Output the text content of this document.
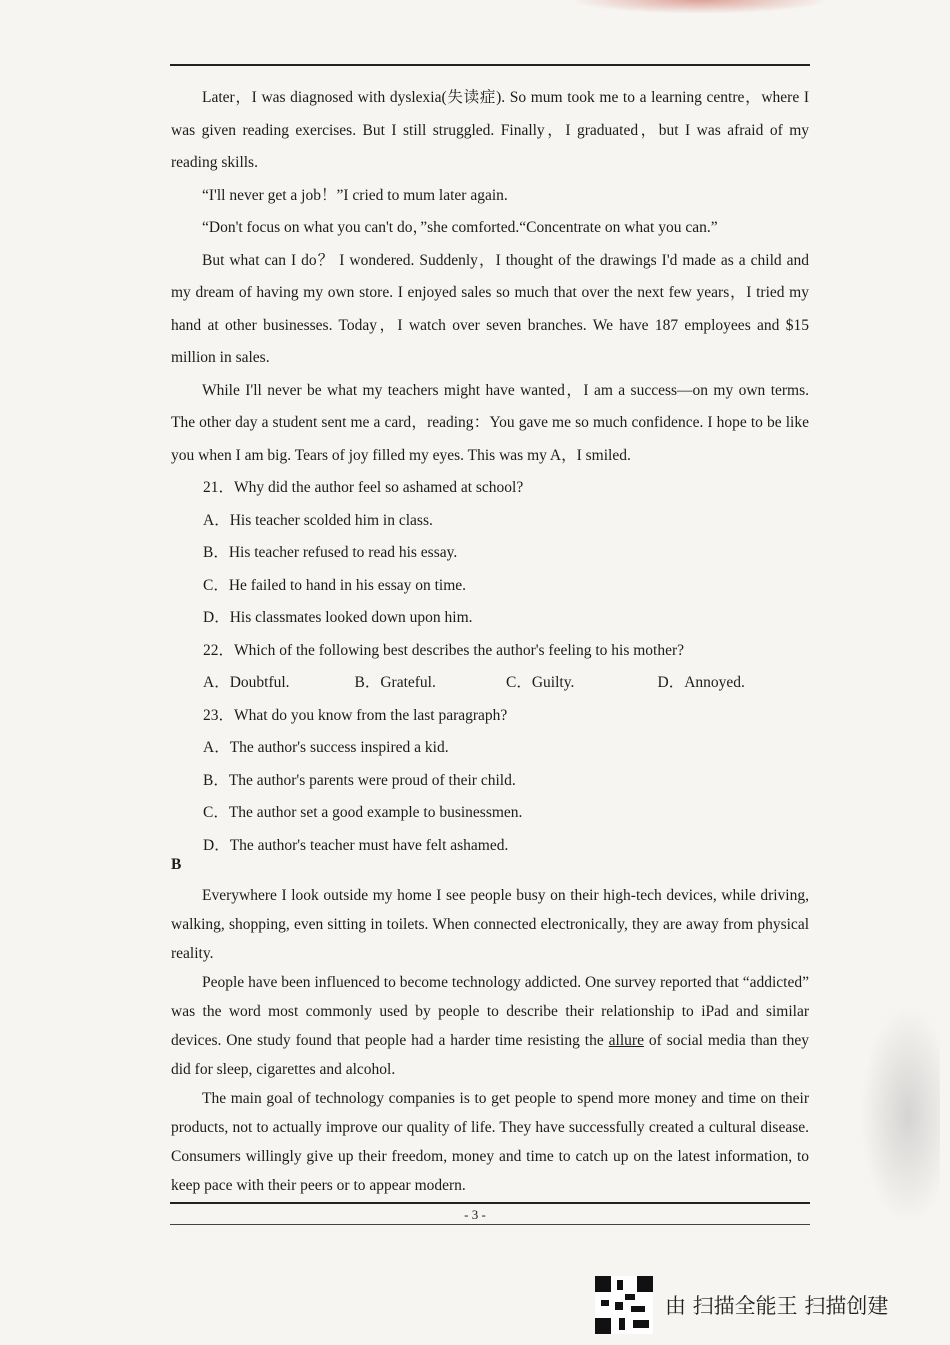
Later，I was diagnosed with dyslexia(失读症). So mum took me to a learning centre，where I was given reading exercises. But I still struggled. Finally，I graduated，but I was afraid of my reading skills.

“I'll never get a job！”I cried to mum later again.

“Don't focus on what you can't do，”she comforted.“Concentrate on what you can.”

But what can I do？ I wondered. Suddenly，I thought of the drawings I'd made as a child and my dream of having my own store. I enjoyed sales so much that over the next few years，I tried my hand at other businesses. Today，I watch over seven branches. We have 187 employees and $15 million in sales.

While I'll never be what my teachers might have wanted，I am a success—on my own terms. The other day a student sent me a card，reading：You gave me so much confidence. I hope to be like you when I am big. Tears of joy filled my eyes. This was my A，I smiled.

21．Why did the author feel so ashamed at school?

A．His teacher scolded him in class.

B．His teacher refused to read his essay.

C．He failed to hand in his essay on time.

D．His classmates looked down upon him.

22．Which of the following best describes the author's feeling to his mother?

A．Doubtful.	B．Grateful.	C．Guilty.	D．Annoyed.

23．What do you know from the last paragraph?

A．The author's success inspired a kid.

B．The author's parents were proud of their child.

C．The author set a good example to businessmen.

D．The author's teacher must have felt ashamed.

B

Everywhere I look outside my home I see people busy on their high-tech devices, while driving, walking, shopping, even sitting in toilets. When connected electronically, they are away from physical reality.

People have been influenced to become technology addicted. One survey reported that “addicted” was the word most commonly used by people to describe their relationship to iPad and similar devices. One study found that people had a harder time resisting the allure of social media than they did for sleep, cigarettes and alcohol.

The main goal of technology companies is to get people to spend more money and time on their products, not to actually improve our quality of life. They have successfully created a cultural disease. Consumers willingly give up their freedom, money and time to catch up on the latest information, to keep pace with their peers or to appear modern.

- 3 -
由 扫描全能王 扫描创建
